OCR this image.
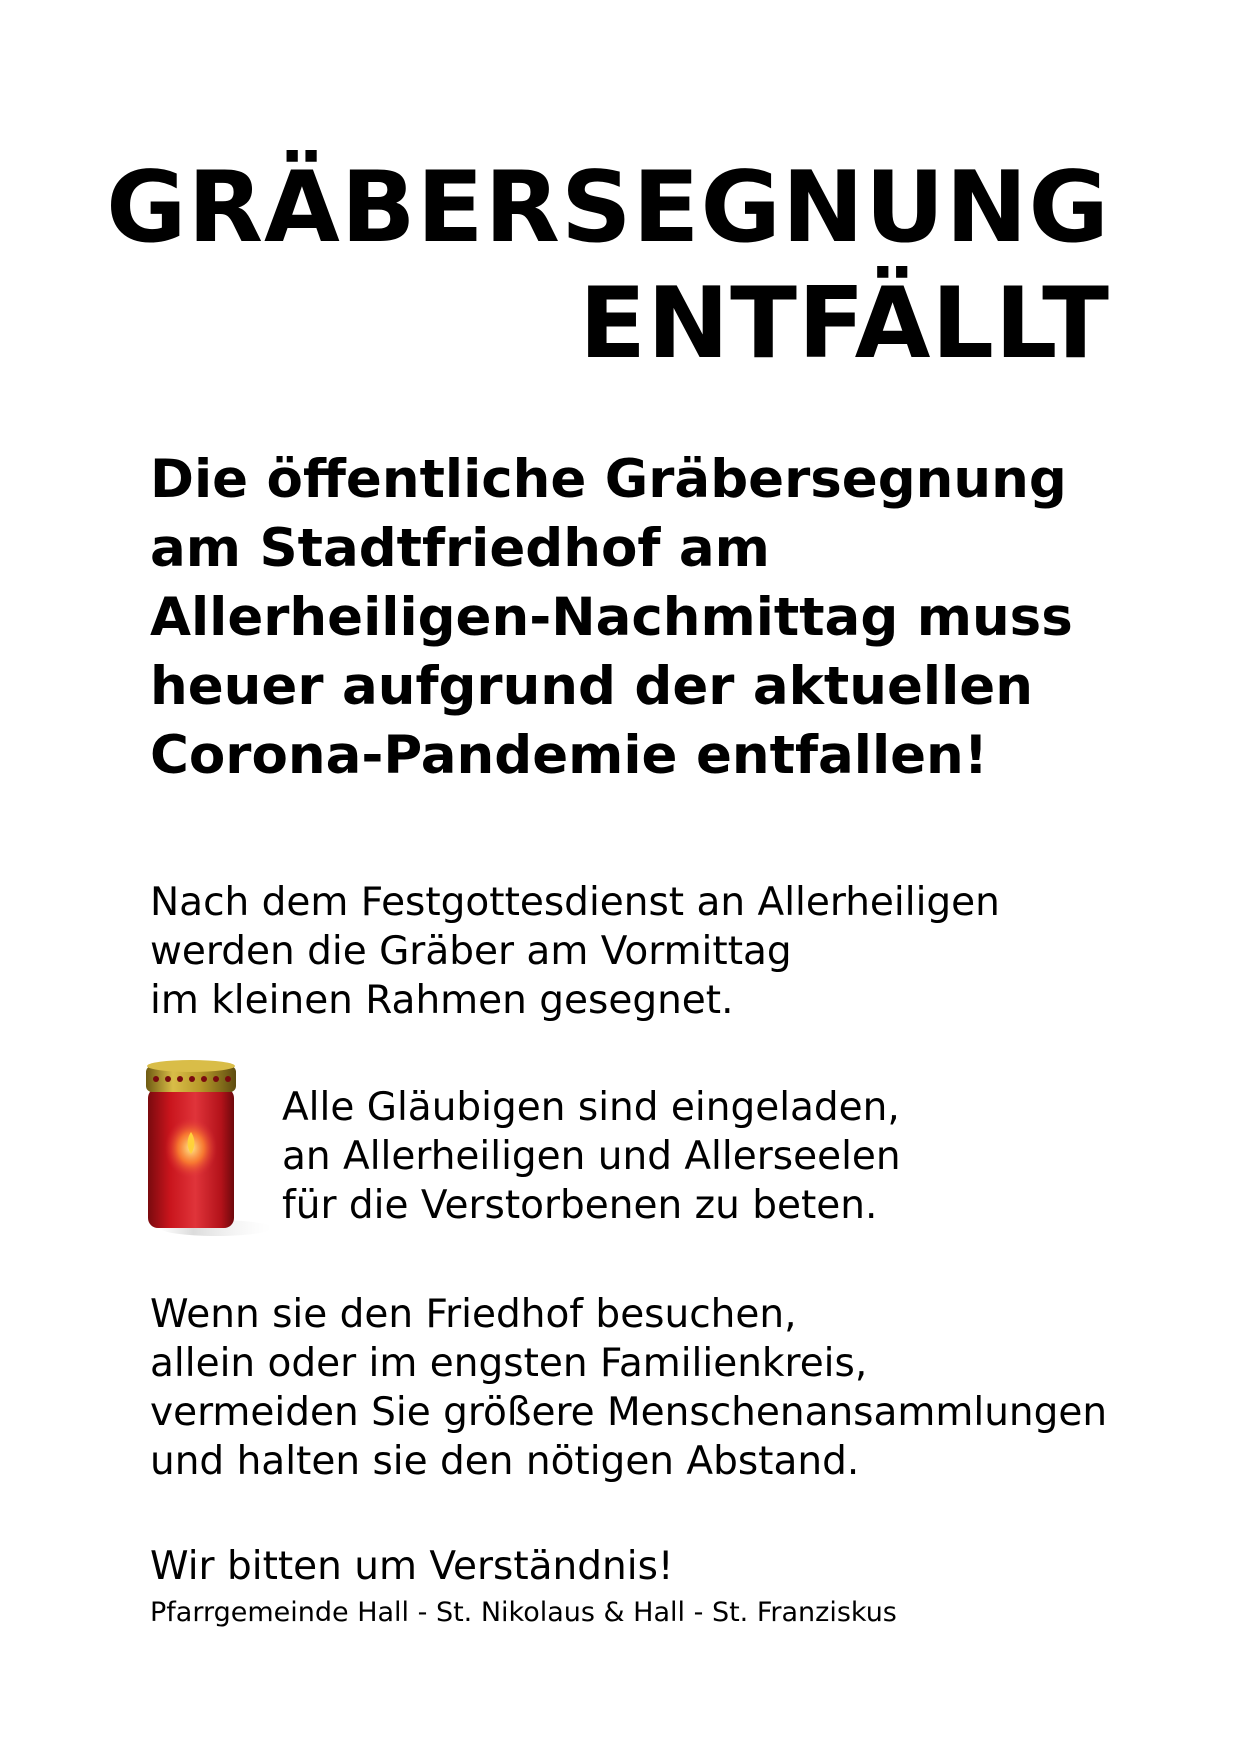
GRÄBERSEGNUNG
ENTFÄLLT

Die öffentliche Gräbersegnung
am Stadtfriedhof am
Allerheiligen-Nachmittag muss
heuer aufgrund der aktuellen
Corona-Pandemie entfallen!

Nach dem Festgottesdienst an Allerheiligen
werden die Gräber am Vormittag
im kleinen Rahmen gesegnet.

Alle Gläubigen sind eingeladen,
an Allerheiligen und Allerseelen
für die Verstorbenen zu beten.

Wenn sie den Friedhof besuchen,
allein oder im engsten Familienkreis,
vermeiden Sie größere Menschenansammlungen
und halten sie den nötigen Abstand.

Wir bitten um Verständnis!

Pfarrgemeinde Hall - St. Nikolaus & Hall - St. Franziskus
